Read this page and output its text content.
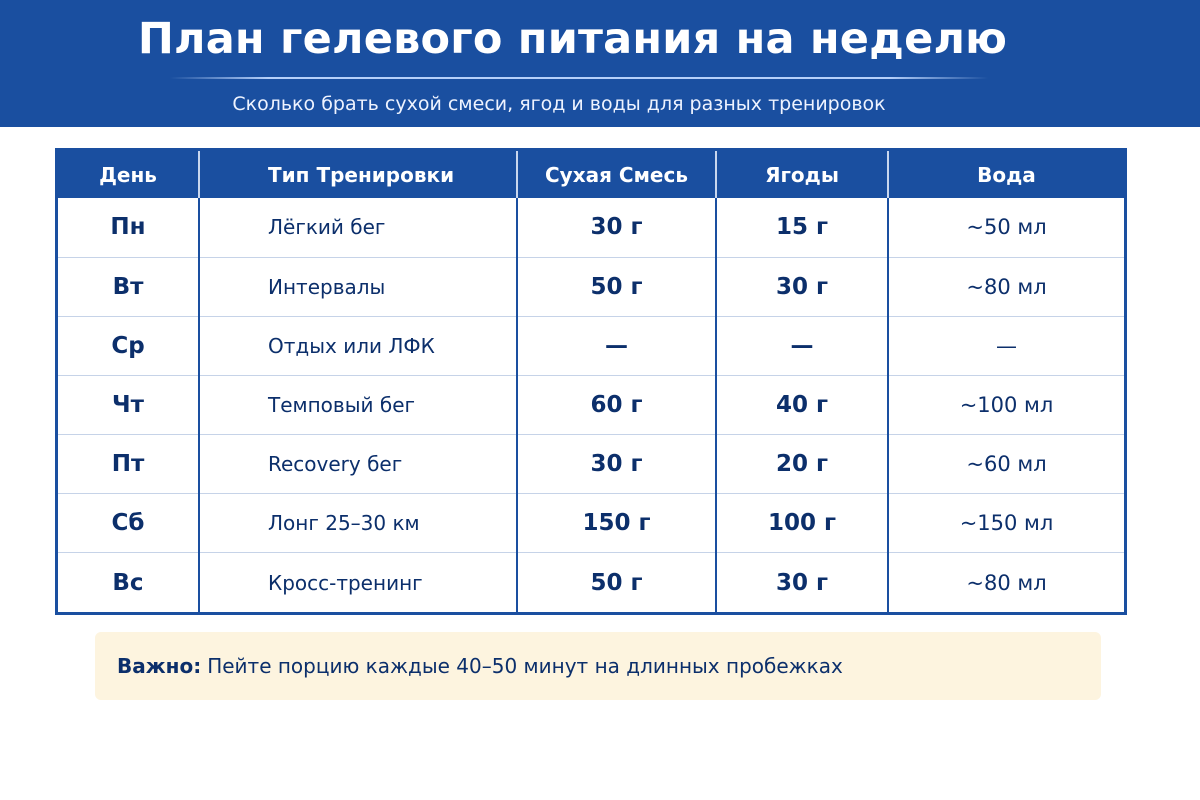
План гелевого питания на неделю
Сколько брать сухой смеси, ягод и воды для разных тренировок
День	Тип Тренировки	Сухая Смесь	Ягоды	Вода
Пн	Лёгкий бег	30 г	15 г	~50 мл
Вт	Интервалы	50 г	30 г	~80 мл
Ср	Отдых или ЛФК	—	—	—
Чт	Темповый бег	60 г	40 г	~100 мл
Пт	Recovery бег	30 г	20 г	~60 мл
Сб	Лонг 25–30 км	150 г	100 г	~150 мл
Вс	Кросс-тренинг	50 г	30 г	~80 мл
Важно: Пейте порцию каждые 40–50 минут на длинных пробежках
